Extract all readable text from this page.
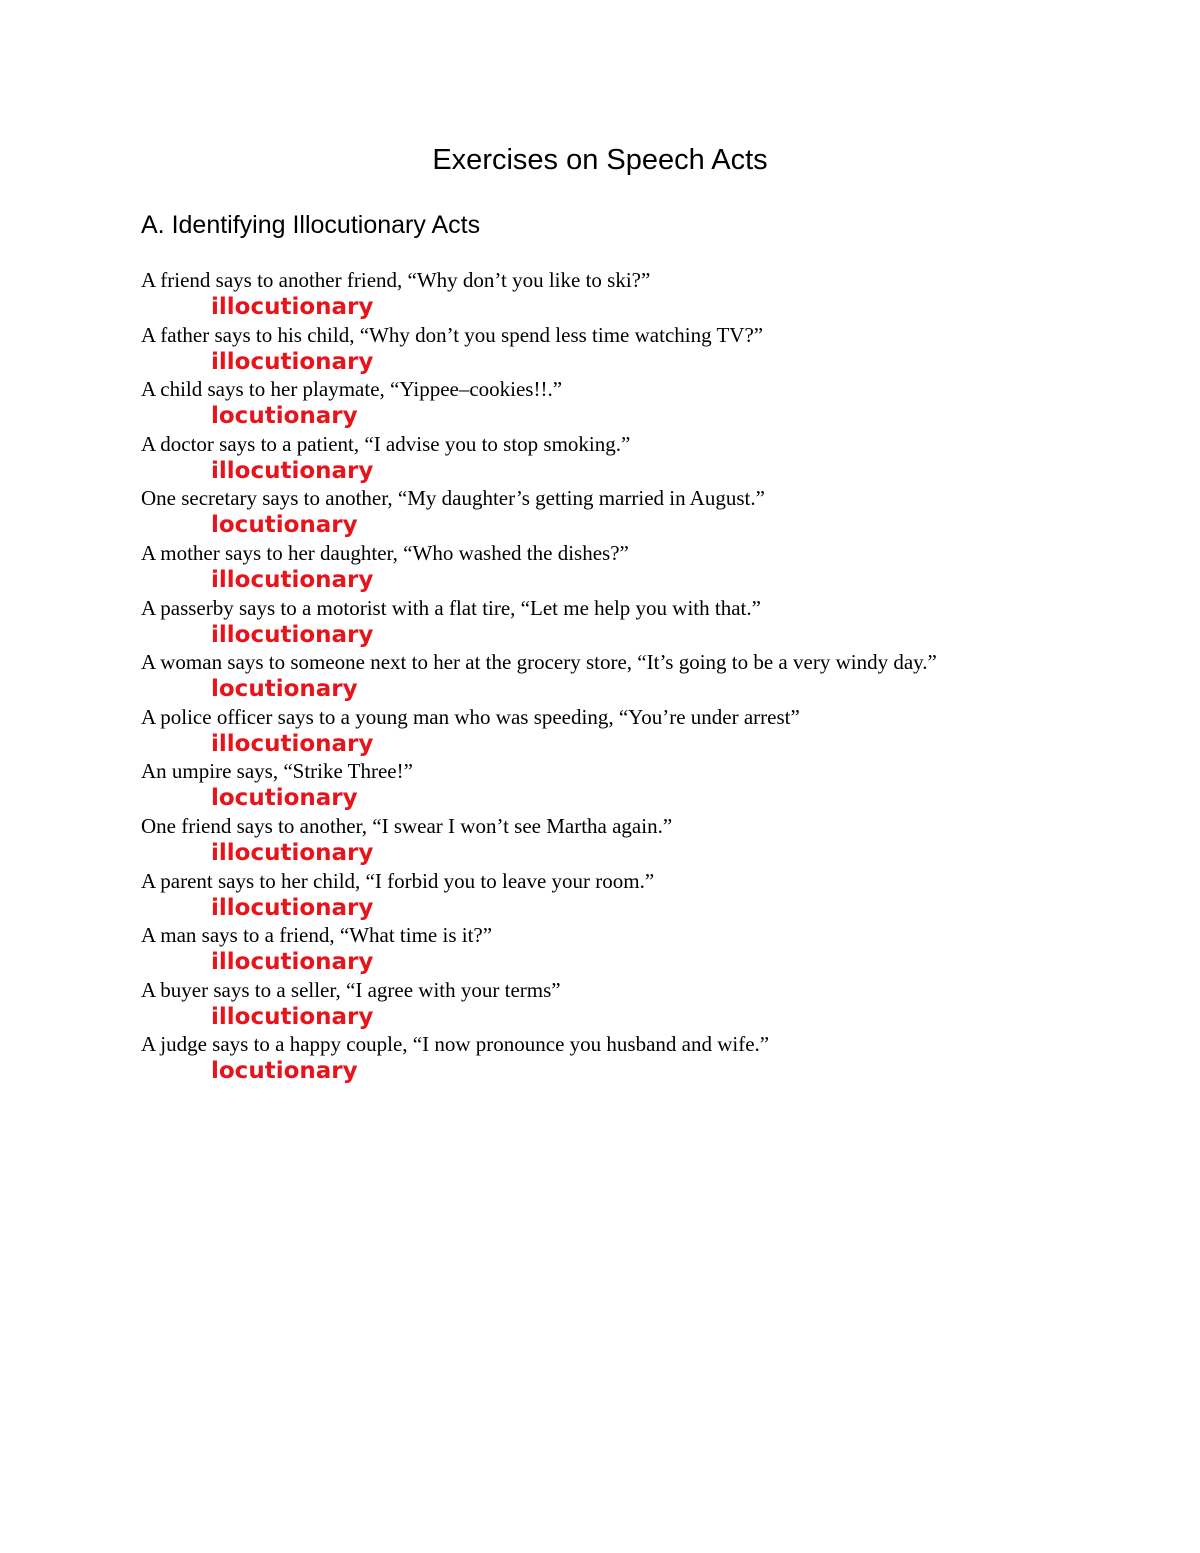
Exercises on Speech Acts
A. Identifying Illocutionary Acts
A friend says to another friend, “Why don’t you like to ski?”
illocutionary
A father says to his child, “Why don’t you spend less time watching TV?”
illocutionary
A child says to her playmate, “Yippee–cookies!!.”
locutionary
A doctor says to a patient, “I advise you to stop smoking.”
illocutionary
One secretary says to another, “My daughter’s getting married in August.”
locutionary
A mother says to her daughter, “Who washed the dishes?”
illocutionary
A passerby says to a motorist with a flat tire, “Let me help you with that.”
illocutionary
A woman says to someone next to her at the grocery store, “It’s going to be a very windy day.”
locutionary
A police officer says to a young man who was speeding, “You’re under arrest”
illocutionary
An umpire says, “Strike Three!”
locutionary
One friend says to another, “I swear I won’t see Martha again.”
illocutionary
A parent says to her child, “I forbid you to leave your room.”
illocutionary
A man says to a friend, “What time is it?”
illocutionary
A buyer says to a seller, “I agree with your terms”
illocutionary
A judge says to a happy couple, “I now pronounce you husband and wife.”
locutionary
